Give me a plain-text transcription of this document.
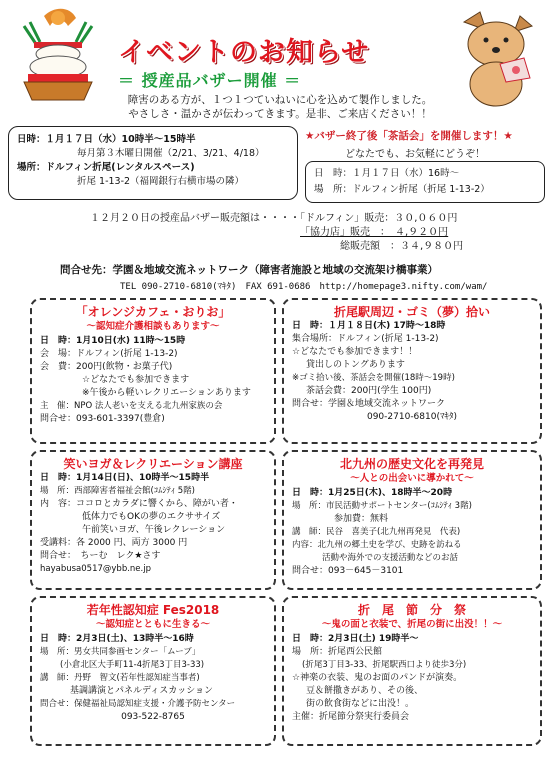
イベントのお知らせ
＝ 授産品バザー開催 ＝
障害のある方が、１つ１つていねいに心を込めて製作しました。
やさしさ・温かさが伝わってきます。是非、ご来店ください！！
日時：１月１７日（水）10時半～15時半
毎月第３木曜日開催（2/21、3/21、4/18）
場所：ドルフィン折尾(レンタルスペース)
折尾 1-13-2（福岡銀行右横市場の隣）
★バザー終了後「茶話会」を開催します！★
どなたでも、お気軽にどうぞ！
日　時：１月１７日（水）16時～
場　所：ドルフィン折尾（折尾 1-13-2）
１２月２０日の授産品バザー販売額は・・・・「ドルフィン」販売：３０,０６０円
「協力店」販売　：　４,９２０円
総販売額　：３４,９８０円
問合せ先：学園＆地域交流ネットワーク（障害者施設と地域の交流架け橋事業）
TEL 090-2710-6810(ﾏｷﾀ)　FAX 691-0686　http://homepage3.nifty.com/wam/
「オレンジカフェ・おりお」
～認知症介護相談もあります～
日　時：1月10日(水) 11時～15時
会　場：ドルフィン(折尾 1-13-2)
会　費：200円(飲物・お菓子代)
☆どなたでも参加できます
※午後から軽いレクリエーションあります
主　催：NPO 法人老いを支える北九州家族の会
問合せ：093-601-3397(豊倉)
折尾駅周辺・ゴミ（夢）拾い
日　時：１月１８日(木) 17時～18時
集合場所：ドルフィン(折尾 1-13-2)
☆どなたでも参加できます！！
貸出しのトングあります
※ゴミ拾い後、茶話会を開催(18時～19時)
茶話会費：200円(学生 100円)
問合せ：学園＆地域交流ネットワーク
090-2710-6810(ﾏｷﾀ)
笑いヨガ＆レクリエーション講座
日　時：1月14日(日)、10時半～15時半
場　所：西部障害者福祉会館(ｺﾑｼﾃｨ 5階)
内　容：ココロとカラダに響くから、障がい者・
低体力でもOKの夢のエクササイズ
午前笑いヨガ、午後レクレーション
受講料：各 2000 円、両方 3000 円
問合せ：　ちーむ　レク★さす
hayabusa0517@ybb.ne.jp
北九州の歴史文化を再発見
～人との出会いに導かれて～
日　時：1月25日(木)、18時半～20時
場　所：市民活動サポートセンター(ｺﾑｼﾃｨ 3階)
参加費：無料
講　師：民谷　喜美子(北九州再発見　代表)
内容：北九州の郷土史を学び、史跡を訪ねる
活動や海外での支援活動などのお話
問合せ：093－645－3101
若年性認知症 Fes2018
～認知症とともに生きる～
日　時：2月3日(土)、13時半～16時
場　所：男女共同参画センター「ムーブ」
(小倉北区大手町11-4折尾3丁目3-33)
講　師：丹野　智文(若年性認知症当事者)
基調講演とパネルディスカッション
問合せ：保健福祉局認知症支援・介護予防センター
093-522-8765
折　尾　節　分　祭
～鬼の面と衣装で、折尾の街に出没！！～
日　時：2月3日(土) 19時半～
場　所：折尾西公民館
(折尾3丁目3-33、折尾駅西口より徒歩3分)
☆神楽の衣装、鬼のお面のパンドが演奏。
豆＆餅撒きがあり、その後、
街の飲食街などに出没！。
主催：折尾節分祭実行委員会
